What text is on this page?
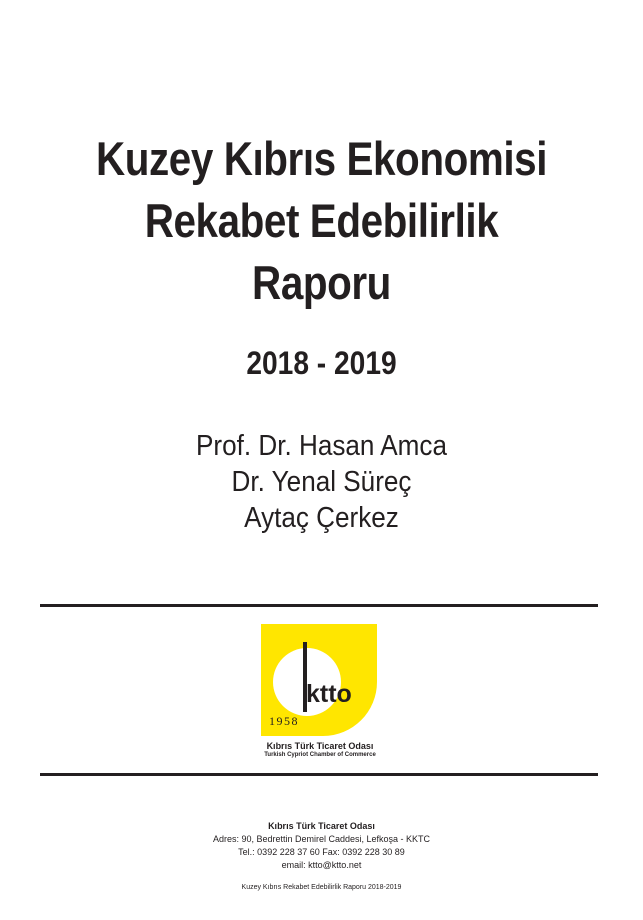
Kuzey Kıbrıs Ekonomisi
Rekabet Edebilirlik
Raporu
2018 - 2019
Prof. Dr. Hasan Amca
Dr. Yenal Süreç
Aytaç Çerkez
ktto
1958
Kıbrıs Türk Ticaret Odası
Turkish Cypriot Chamber of Commerce
Kıbrıs Türk Ticaret Odası
Adres: 90, Bedrettin Demirel Caddesi, Lefkoşa - KKTC
Tel.: 0392 228 37 60 Fax: 0392 228 30 89
email: ktto@ktto.net
Kuzey Kıbrıs Rekabet Edebilirlik Raporu 2018-2019
